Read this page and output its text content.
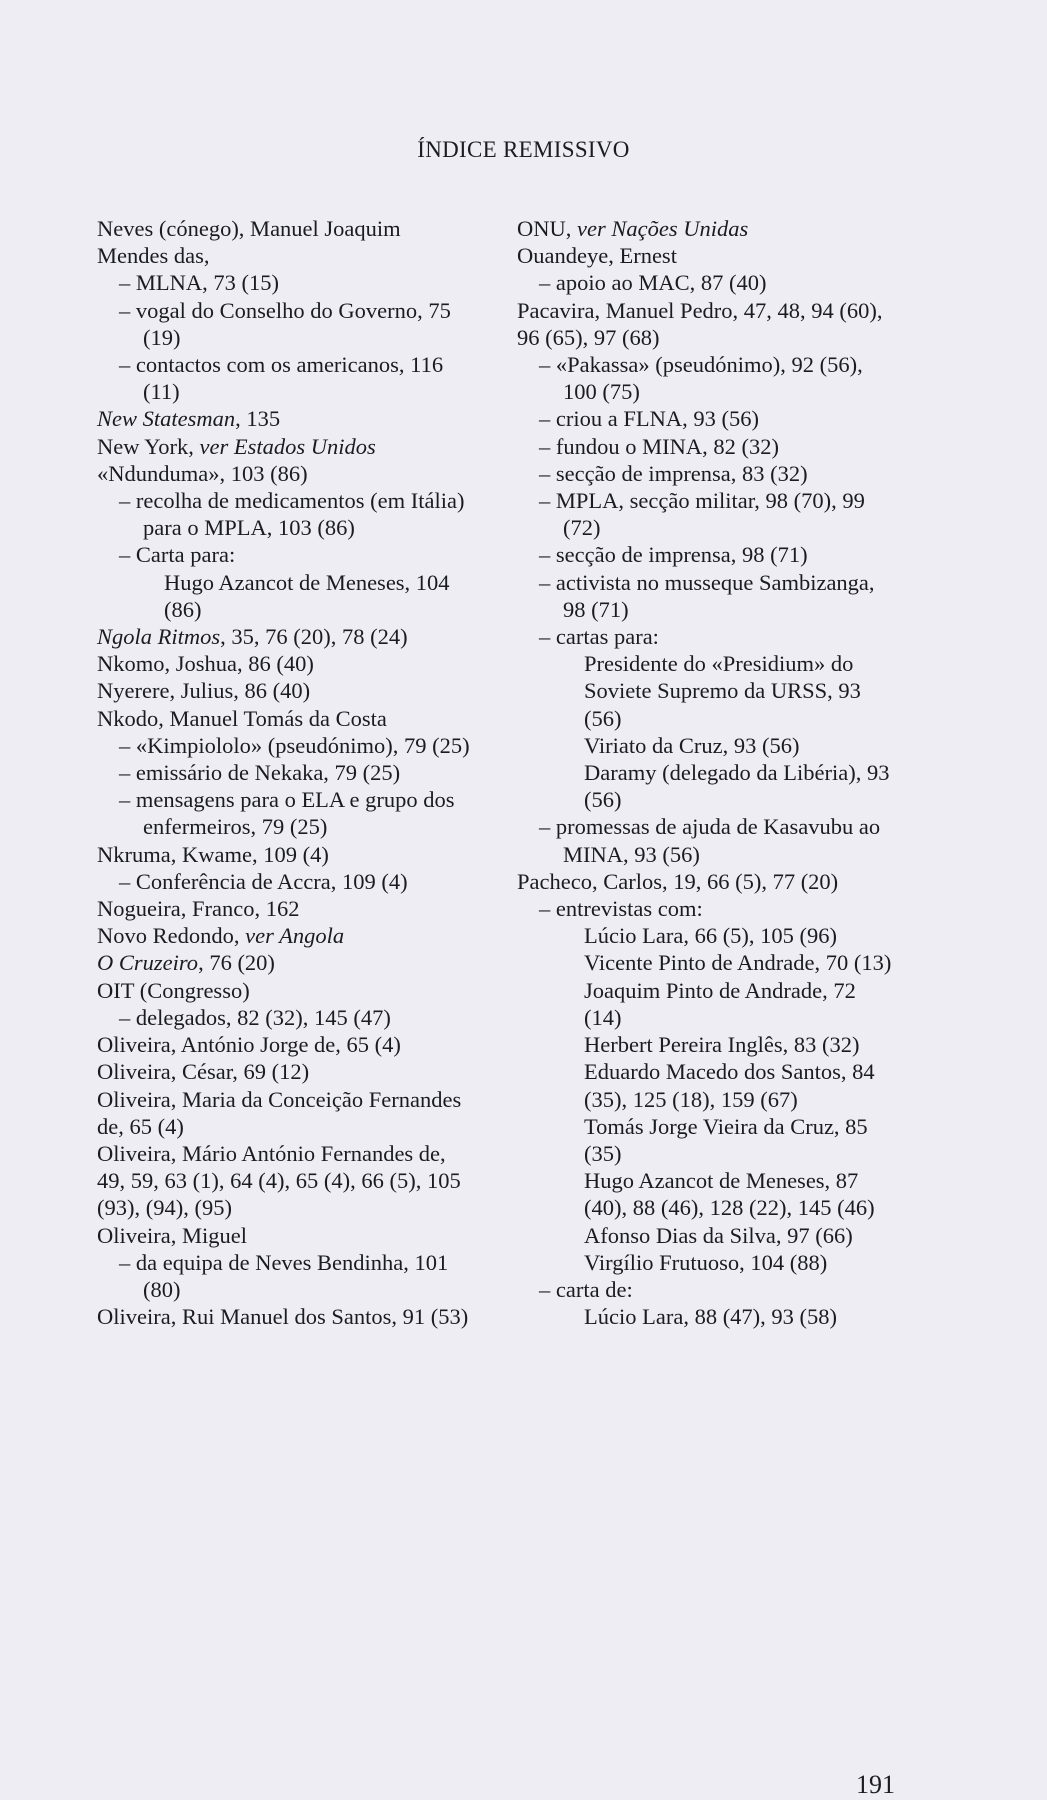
ÍNDICE REMISSIVO

Neves (cónego), Manuel Joaquim Mendes das,

– MLNA, 73 (15)

– vogal do Conselho do Governo, 75 (19)

– contactos com os americanos, 116 (11)

New Statesman, 135

New York, ver Estados Unidos

«Ndunduma», 103 (86)

– recolha de medicamentos (em Itália) para o MPLA, 103 (86)

– Carta para:

Hugo Azancot de Meneses, 104 (86)

Ngola Ritmos, 35, 76 (20), 78 (24)

Nkomo, Joshua, 86 (40)

Nyerere, Julius, 86 (40)

Nkodo, Manuel Tomás da Costa

– «Kimpiololo» (pseudónimo), 79 (25)

– emissário de Nekaka, 79 (25)

– mensagens para o ELA e grupo dos enfermeiros, 79 (25)

Nkruma, Kwame, 109 (4)

– Conferência de Accra, 109 (4)

Nogueira, Franco, 162

Novo Redondo, ver Angola

O Cruzeiro, 76 (20)

OIT (Congresso)

– delegados, 82 (32), 145 (47)

Oliveira, António Jorge de, 65 (4)

Oliveira, César, 69 (12)

Oliveira, Maria da Conceição Fernandes de, 65 (4)

Oliveira, Mário António Fernandes de, 49, 59, 63 (1), 64 (4), 65 (4), 66 (5), 105 (93), (94), (95)

Oliveira, Miguel

– da equipa de Neves Bendinha, 101 (80)

Oliveira, Rui Manuel dos Santos, 91 (53)

ONU, ver Nações Unidas

Ouandeye, Ernest

– apoio ao MAC, 87 (40)

Pacavira, Manuel Pedro, 47, 48, 94 (60), 96 (65), 97 (68)

– «Pakassa» (pseudónimo), 92 (56), 100 (75)

– criou a FLNA, 93 (56)

– fundou o MINA, 82 (32)

– secção de imprensa, 83 (32)

– MPLA, secção militar, 98 (70), 99 (72)

– secção de imprensa, 98 (71)

– activista no musseque Sambizanga, 98 (71)

– cartas para:

Presidente do «Presidium» do Soviete Supremo da URSS, 93 (56)

Viriato da Cruz, 93 (56)

Daramy (delegado da Libéria), 93 (56)

– promessas de ajuda de Kasavubu ao MINA, 93 (56)

Pacheco, Carlos, 19, 66 (5), 77 (20)

– entrevistas com:

Lúcio Lara, 66 (5), 105 (96)

Vicente Pinto de Andrade, 70 (13)

Joaquim Pinto de Andrade, 72 (14)

Herbert Pereira Inglês, 83 (32)

Eduardo Macedo dos Santos, 84 (35), 125 (18), 159 (67)

Tomás Jorge Vieira da Cruz, 85 (35)

Hugo Azancot de Meneses, 87 (40), 88 (46), 128 (22), 145 (46)

Afonso Dias da Silva, 97 (66)

Virgílio Frutuoso, 104 (88)

– carta de:

Lúcio Lara, 88 (47), 93 (58)

191
